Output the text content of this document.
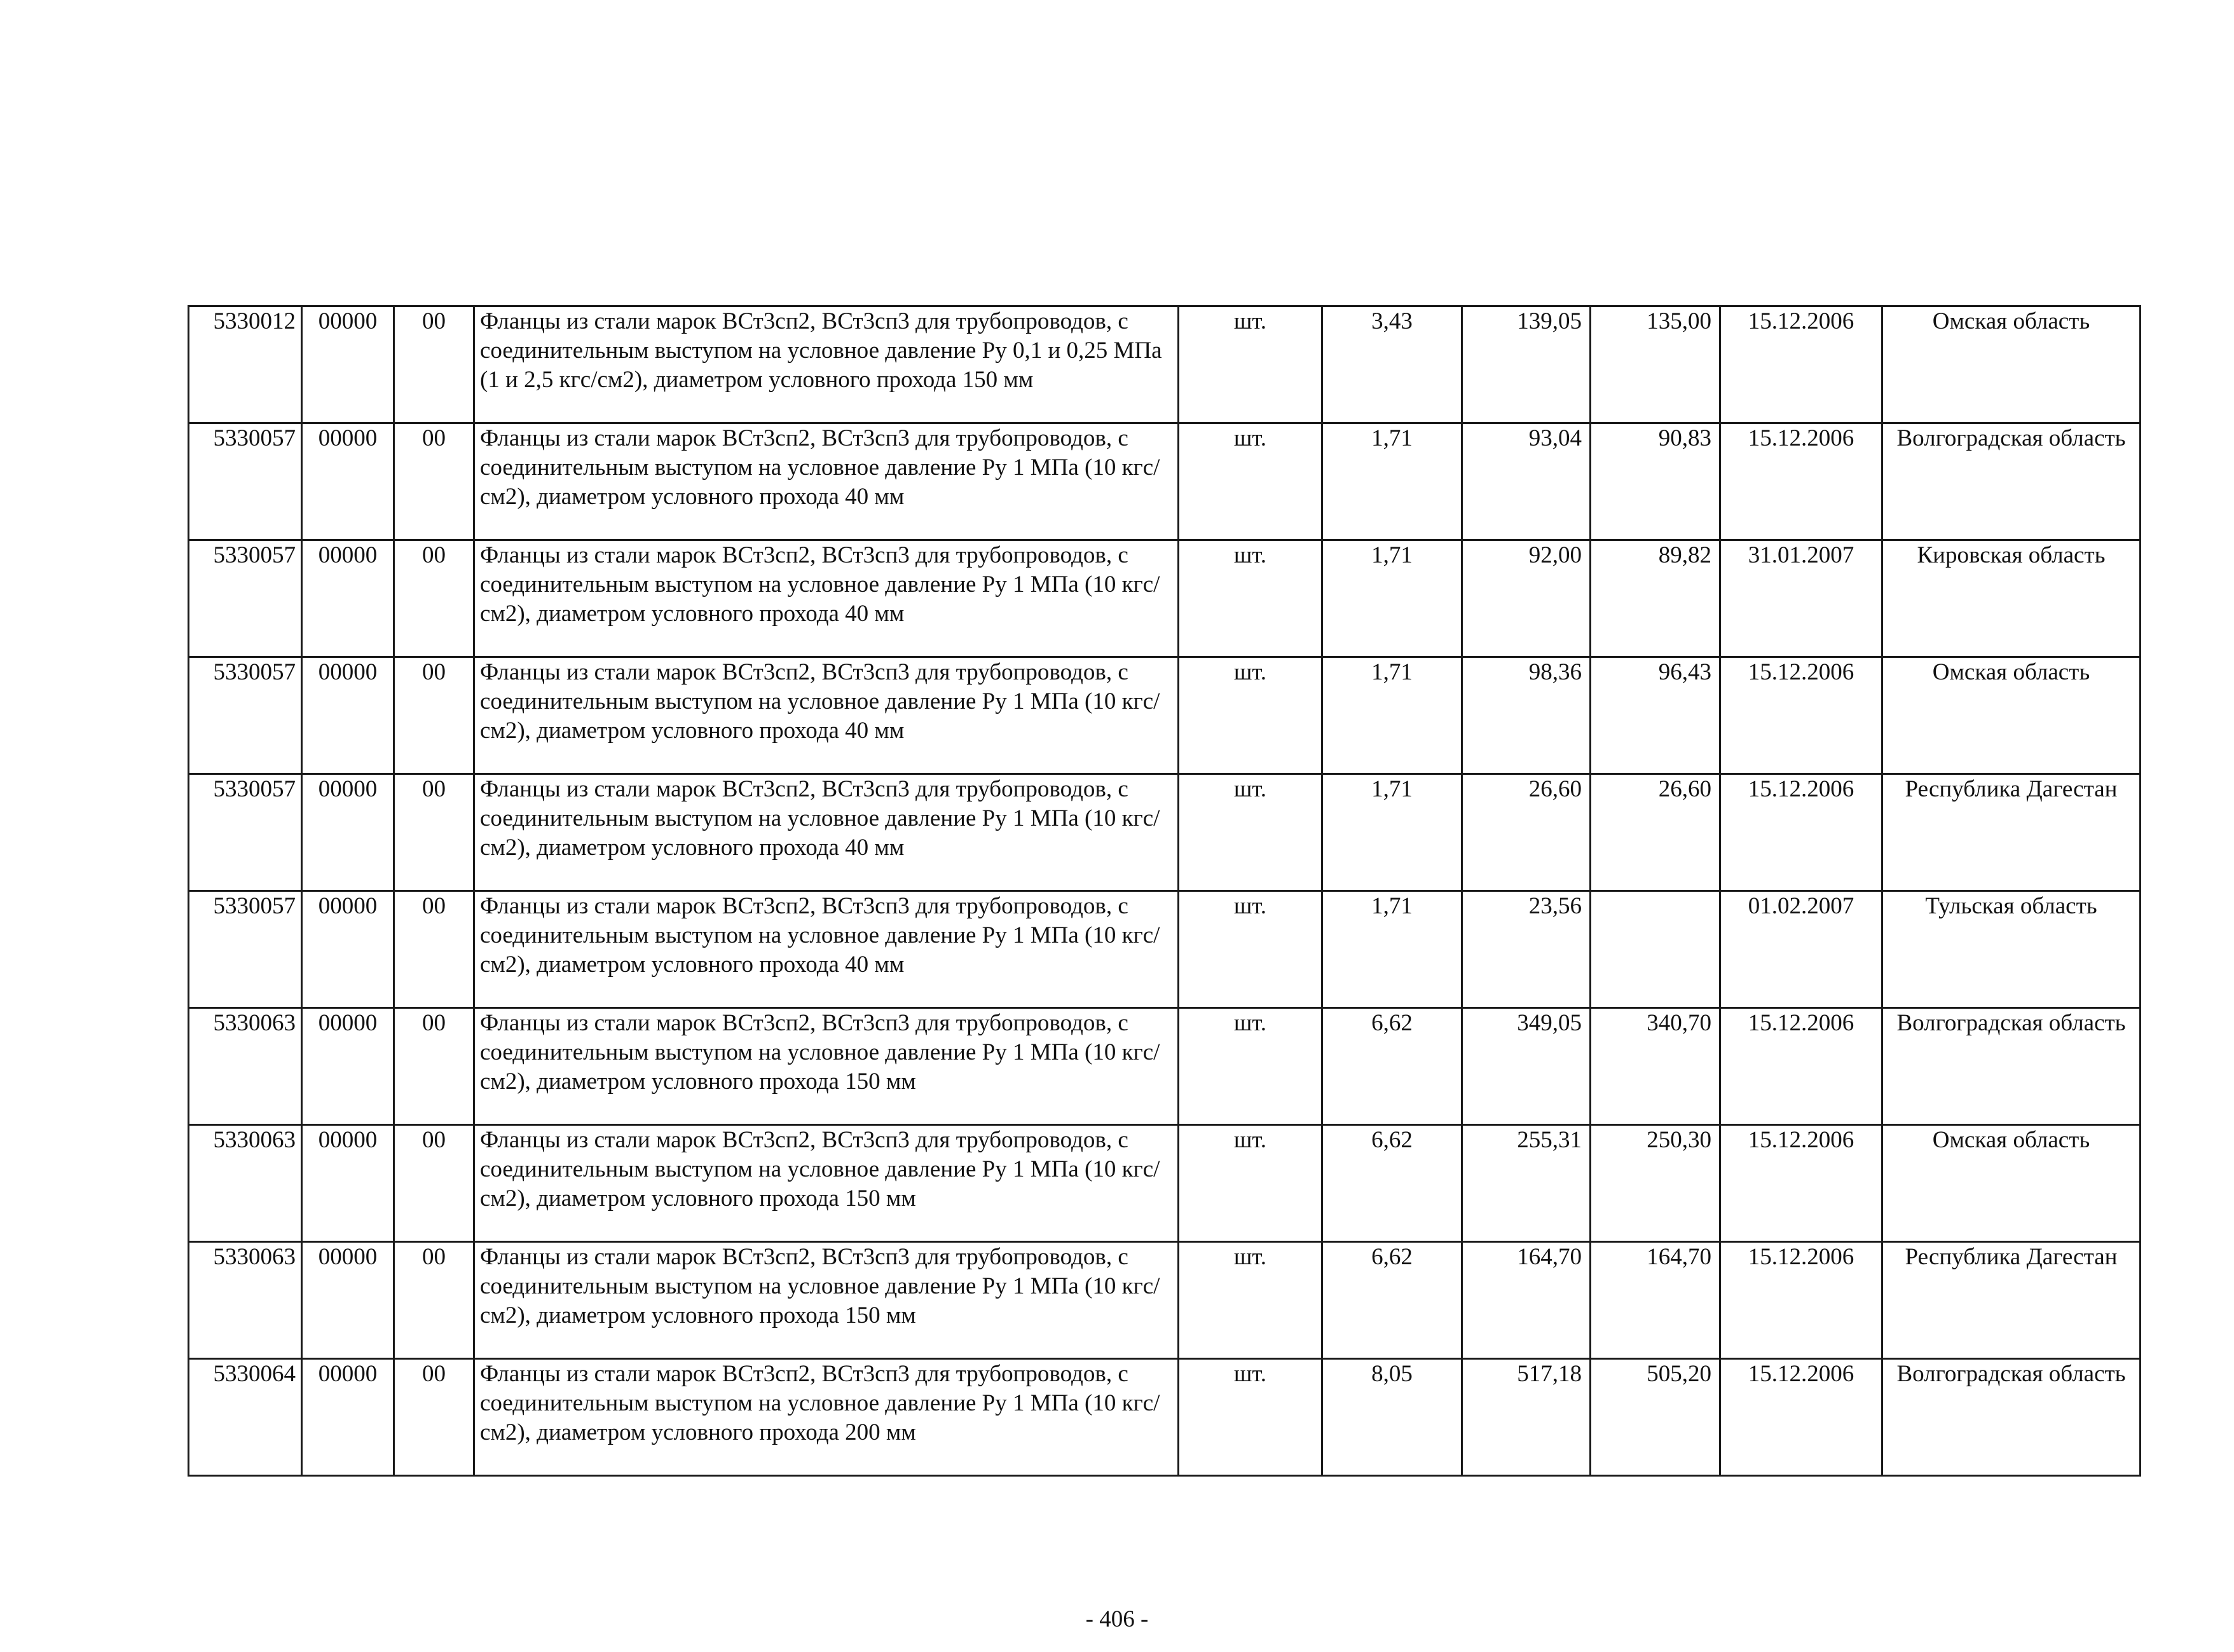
5330012	00000	00	Фланцы из стали марок ВСт3сп2, ВСт3сп3 для трубопроводов, с соединительным выступом на условное давление Ру 0,1 и 0,25 МПа (1 и 2,5 кгс/см2), диаметром условного прохода 150 мм	шт.	3,43	139,05	135,00	15.12.2006	Омская область
5330057	00000	00	Фланцы из стали марок ВСт3сп2, ВСт3сп3 для трубопроводов, с соединительным выступом на условное давление Ру 1 МПа (10 кгс/см2), диаметром условного прохода 40 мм	шт.	1,71	93,04	90,83	15.12.2006	Волгоградская область
5330057	00000	00	Фланцы из стали марок ВСт3сп2, ВСт3сп3 для трубопроводов, с соединительным выступом на условное давление Ру 1 МПа (10 кгс/см2), диаметром условного прохода 40 мм	шт.	1,71	92,00	89,82	31.01.2007	Кировская область
5330057	00000	00	Фланцы из стали марок ВСт3сп2, ВСт3сп3 для трубопроводов, с соединительным выступом на условное давление Ру 1 МПа (10 кгс/см2), диаметром условного прохода 40 мм	шт.	1,71	98,36	96,43	15.12.2006	Омская область
5330057	00000	00	Фланцы из стали марок ВСт3сп2, ВСт3сп3 для трубопроводов, с соединительным выступом на условное давление Ру 1 МПа (10 кгс/см2), диаметром условного прохода 40 мм	шт.	1,71	26,60	26,60	15.12.2006	Республика Дагестан
5330057	00000	00	Фланцы из стали марок ВСт3сп2, ВСт3сп3 для трубопроводов, с соединительным выступом на условное давление Ру 1 МПа (10 кгс/см2), диаметром условного прохода 40 мм	шт.	1,71	23,56		01.02.2007	Тульская область
5330063	00000	00	Фланцы из стали марок ВСт3сп2, ВСт3сп3 для трубопроводов, с соединительным выступом на условное давление Ру 1 МПа (10 кгс/см2), диаметром условного прохода 150 мм	шт.	6,62	349,05	340,70	15.12.2006	Волгоградская область
5330063	00000	00	Фланцы из стали марок ВСт3сп2, ВСт3сп3 для трубопроводов, с соединительным выступом на условное давление Ру 1 МПа (10 кгс/см2), диаметром условного прохода 150 мм	шт.	6,62	255,31	250,30	15.12.2006	Омская область
5330063	00000	00	Фланцы из стали марок ВСт3сп2, ВСт3сп3 для трубопроводов, с соединительным выступом на условное давление Ру 1 МПа (10 кгс/см2), диаметром условного прохода 150 мм	шт.	6,62	164,70	164,70	15.12.2006	Республика Дагестан
5330064	00000	00	Фланцы из стали марок ВСт3сп2, ВСт3сп3 для трубопроводов, с соединительным выступом на условное давление Ру 1 МПа (10 кгс/см2), диаметром условного прохода 200 мм	шт.	8,05	517,18	505,20	15.12.2006	Волгоградская область
- 406 -
